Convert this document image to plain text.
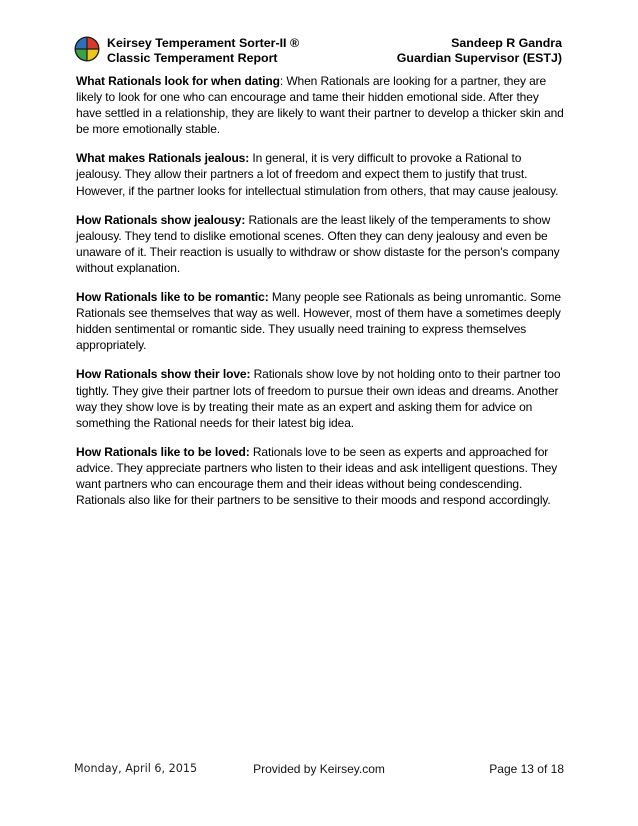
Keirsey Temperament Sorter-II ®
Classic Temperament Report
Sandeep R Gandra
Guardian Supervisor (ESTJ)

What Rationals look for when dating: When Rationals are looking for a partner, they are likely to look for one who can encourage and tame their hidden emotional side. After they have settled in a relationship, they are likely to want their partner to develop a thicker skin and be more emotionally stable.

What makes Rationals jealous: In general, it is very difficult to provoke a Rational to jealousy. They allow their partners a lot of freedom and expect them to justify that trust. However, if the partner looks for intellectual stimulation from others, that may cause jealousy.

How Rationals show jealousy: Rationals are the least likely of the temperaments to show jealousy. They tend to dislike emotional scenes. Often they can deny jealousy and even be unaware of it. Their reaction is usually to withdraw or show distaste for the person's company without explanation.

How Rationals like to be romantic: Many people see Rationals as being unromantic. Some Rationals see themselves that way as well. However, most of them have a sometimes deeply hidden sentimental or romantic side. They usually need training to express themselves appropriately.

How Rationals show their love: Rationals show love by not holding onto to their partner too tightly. They give their partner lots of freedom to pursue their own ideas and dreams. Another way they show love is by treating their mate as an expert and asking them for advice on something the Rational needs for their latest big idea.

How Rationals like to be loved: Rationals love to be seen as experts and approached for advice. They appreciate partners who listen to their ideas and ask intelligent questions. They want partners who can encourage them and their ideas without being condescending. Rationals also like for their partners to be sensitive to their moods and respond accordingly.

Monday, April 6, 2015	Provided by Keirsey.com	Page 13 of 18
